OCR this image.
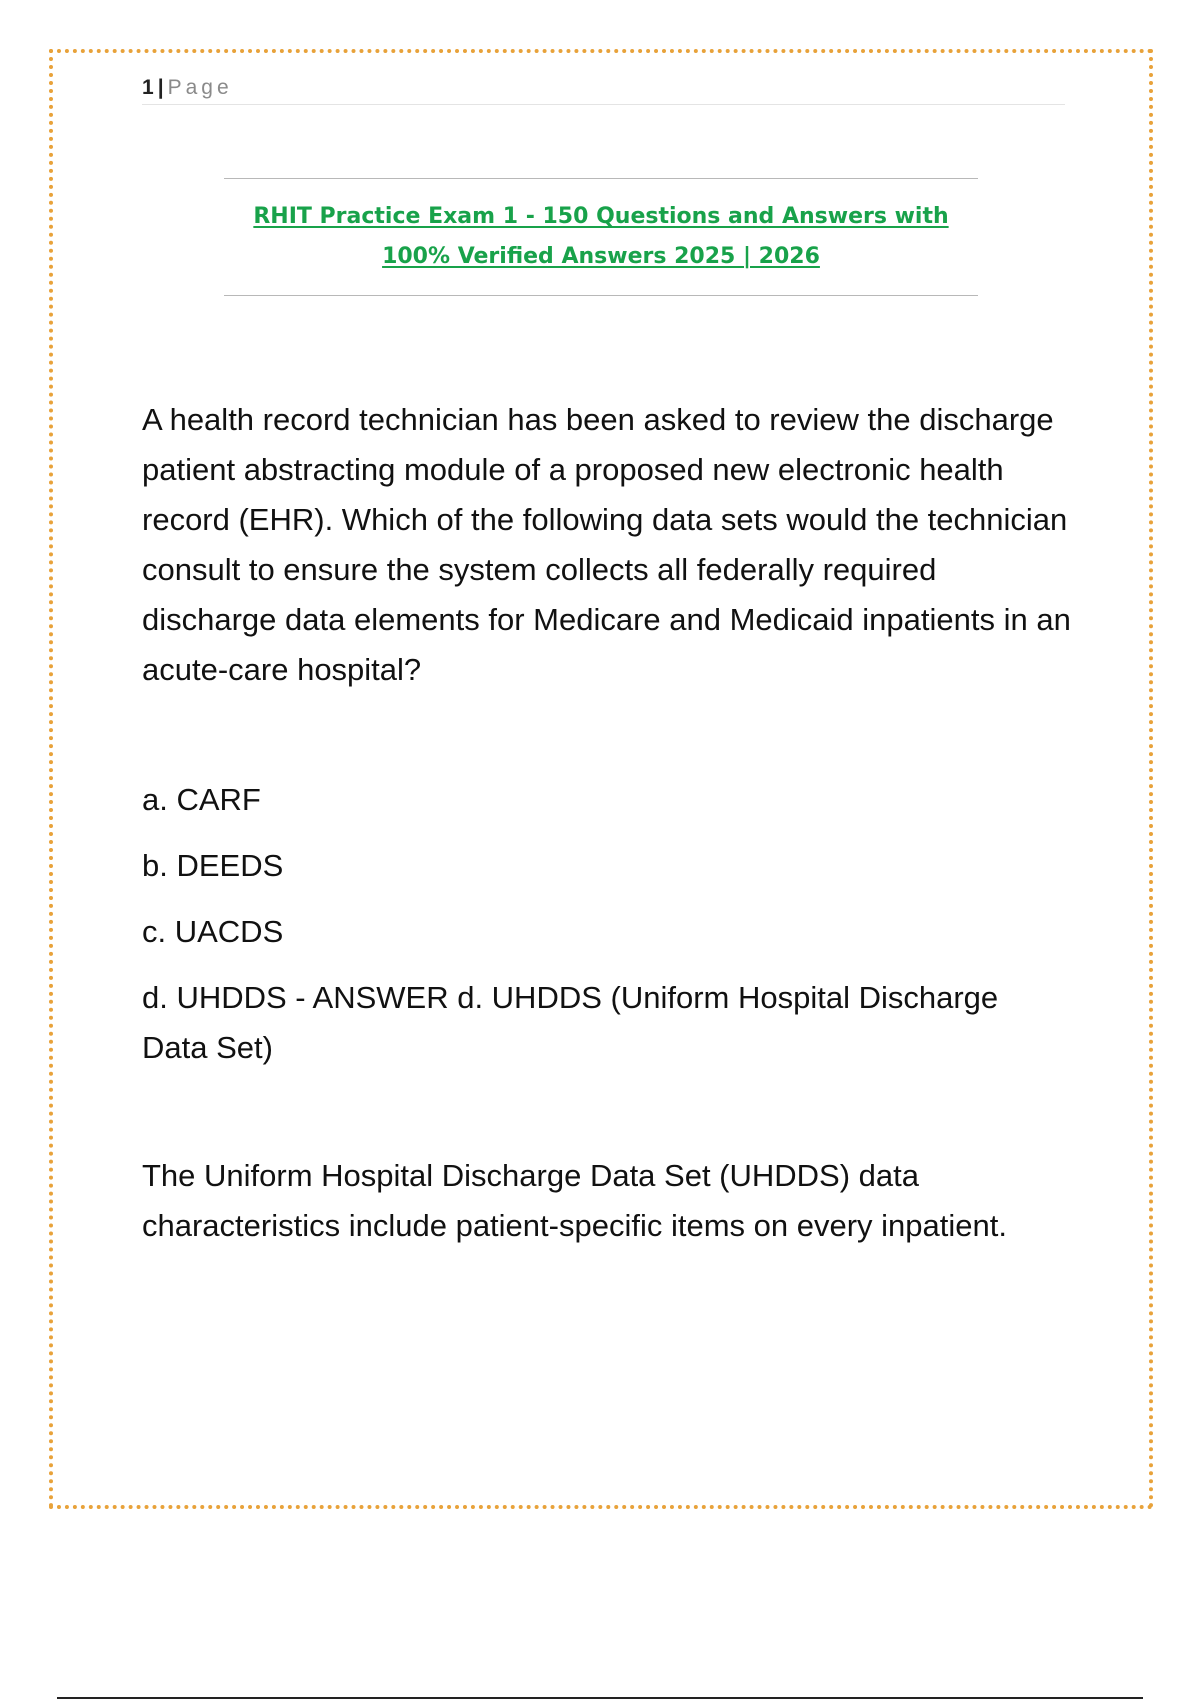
1 | Page
RHIT Practice Exam 1 - 150 Questions and Answers with
100% Verified Answers 2025 | 2026

A health record technician has been asked to review the discharge patient abstracting module of a proposed new electronic health record (EHR). Which of the following data sets would the technician consult to ensure the system collects all federally required discharge data elements for Medicare and Medicaid inpatients in an acute-care hospital?

a. CARF
b. DEEDS
c. UACDS
d. UHDDS - ANSWER d. UHDDS (Uniform Hospital Discharge Data Set)

The Uniform Hospital Discharge Data Set (UHDDS) data characteristics include patient-specific items on every inpatient.
